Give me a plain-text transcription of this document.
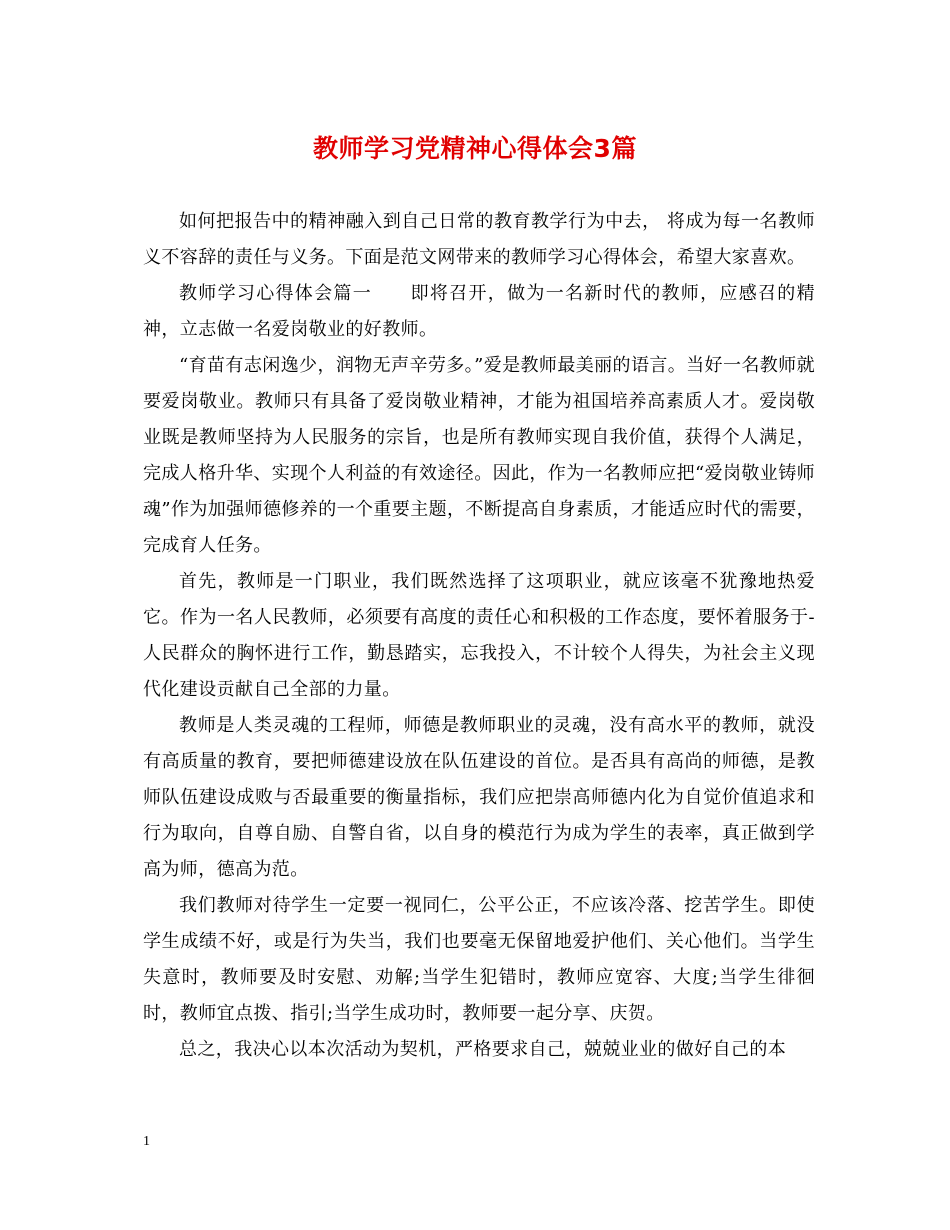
教师学习党精神心得体会3篇

如何把报告中的精神融入到自己日常的教育教学行为中去， 将成为每一名教师义不容辞的责任与义务。下面是范文网带来的教师学习心得体会，希望大家喜欢。

教师学习心得体会篇一　　即将召开，做为一名新时代的教师，应感召的精神，立志做一名爱岗敬业的好教师。

“育苗有志闲逸少，润物无声辛劳多。”爱是教师最美丽的语言。当好一名教师就要爱岗敬业。教师只有具备了爱岗敬业精神，才能为祖国培养高素质人才。爱岗敬业既是教师坚持为人民服务的宗旨，也是所有教师实现自我价值，获得个人满足，完成人格升华、实现个人利益的有效途径。因此，作为一名教师应把“爱岗敬业铸师魂”作为加强师德修养的一个重要主题，不断提高自身素质，才能适应时代的需要，完成育人任务。

首先，教师是一门职业，我们既然选择了这项职业，就应该毫不犹豫地热爱它。作为一名人民教师，必须要有高度的责任心和积极的工作态度，要怀着服务于-人民群众的胸怀进行工作，勤恳踏实，忘我投入，不计较个人得失，为社会主义现代化建设贡献自己全部的力量。

教师是人类灵魂的工程师，师德是教师职业的灵魂，没有高水平的教师，就没有高质量的教育，要把师德建设放在队伍建设的首位。是否具有高尚的师德，是教师队伍建设成败与否最重要的衡量指标，我们应把崇高师德内化为自觉价值追求和行为取向，自尊自励、自警自省，以自身的模范行为成为学生的表率，真正做到学高为师，德高为范。

我们教师对待学生一定要一视同仁，公平公正，不应该冷落、挖苦学生。即使学生成绩不好，或是行为失当，我们也要毫无保留地爱护他们、关心他们。当学生失意时，教师要及时安慰、劝解;当学生犯错时，教师应宽容、大度;当学生徘徊时，教师宜点拨、指引;当学生成功时，教师要一起分享、庆贺。

总之，我决心以本次活动为契机，严格要求自己，兢兢业业的做好自己的本

1
